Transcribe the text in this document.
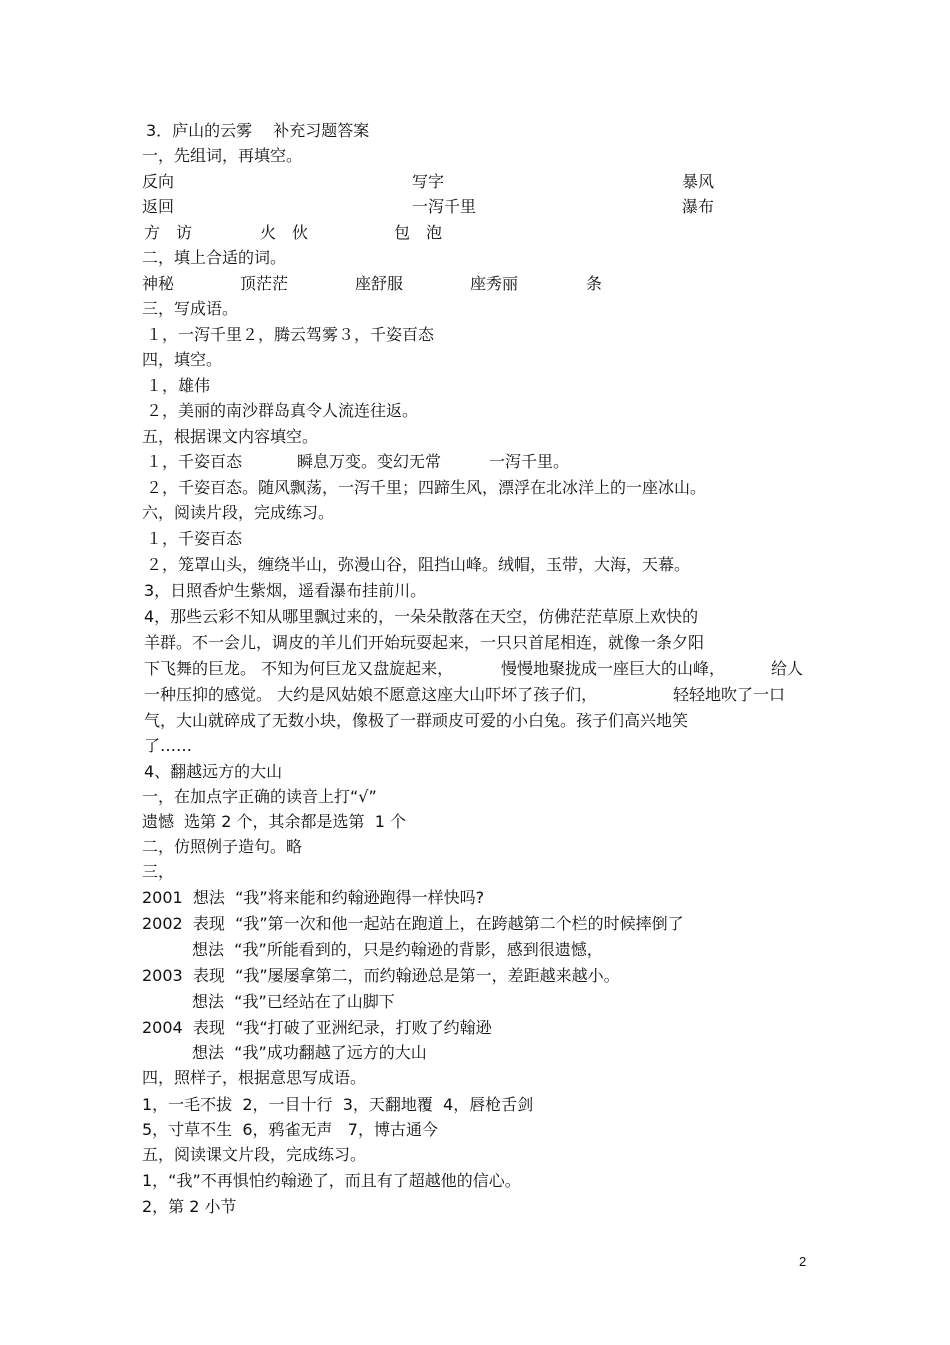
3．庐山的云雾　 补充习题答案
一，先组词，再填空。
反向	写字	暴风
返回	一泻千里	瀑布
方　访	火　伙	包　泡
二，填上合适的词。
神秘	顶茫茫	座舒服	座秀丽	条
三，写成语。
１，一泻千里２，腾云驾雾３，千姿百态
四，填空。
１，雄伟
２，美丽的南沙群岛真令人流连往返。
五，根据课文内容填空。
１，千姿百态	瞬息万变。变幻无常	一泻千里。
２，千姿百态。随风飘荡，一泻千里；四蹄生风，漂浮在北冰洋上的一座冰山。
六，阅读片段，完成练习。
１，千姿百态
２，笼罩山头，缠绕半山，弥漫山谷，阻挡山峰。绒帽，玉带，大海，天幕。
3，日照香炉生紫烟，遥看瀑布挂前川。
4，那些云彩不知从哪里飘过来的，一朵朵散落在天空，仿佛茫茫草原上欢快的
羊群。不一会儿，调皮的羊儿们开始玩耍起来，一只只首尾相连，就像一条夕阳
下飞舞的巨龙。 不知为何巨龙又盘旋起来，	慢慢地聚拢成一座巨大的山峰，	给人
一种压抑的感觉。 大约是风姑娘不愿意这座大山吓坏了孩子们，	轻轻地吹了一口
气，大山就碎成了无数小块，像极了一群顽皮可爱的小白兔。孩子们高兴地笑
了……
4、翻越远方的大山
一，在加点字正确的读音上打“√”
遗憾  选第 2 个，其余都是选第  1 个
二，仿照例子造句。略
三，
2001  想法  “我”将来能和约翰逊跑得一样快吗?
2002  表现  “我”第一次和他一起站在跑道上，在跨越第二个栏的时候摔倒了
想法  “我”所能看到的，只是约翰逊的背影，感到很遗憾，
2003  表现  “我”屡屡拿第二，而约翰逊总是第一，差距越来越小。
想法  “我”已经站在了山脚下
2004  表现  “我“打破了亚洲纪录，打败了约翰逊
想法  “我”成功翻越了远方的大山
四，照样子，根据意思写成语。
1，一毛不拔  2，一目十行  3，天翻地覆  4，唇枪舌剑
5，寸草不生  6，鸦雀无声   7，博古通今
五，阅读课文片段，完成练习。
1，“我”不再惧怕约翰逊了，而且有了超越他的信心。
2，第 2 小节
2
